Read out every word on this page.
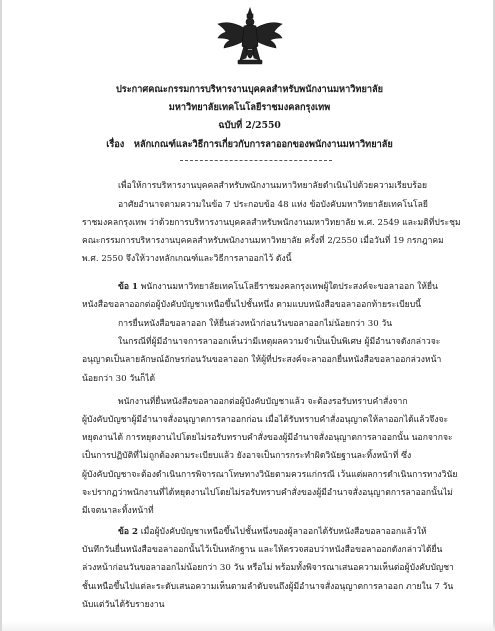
ประกาศคณะกรรมการบริหารงานบุคคลสำหรับพนักงานมหาวิทยาลัย
มหาวิทยาลัยเทคโนโลยีราชมงคลกรุงเทพ
ฉบับที่ 2/2550
เรื่อง หลักเกณฑ์และวิธีการเกี่ยวกับการลาออกของพนักงานมหาวิทยาลัย
เพื่อให้การบริหารงานบุคคลสำหรับพนักงานมหาวิทยาลัยดำเนินไปด้วยความเรียบร้อย
อาศัยอำนาจตามความในข้อ 7 ประกอบข้อ 48 แห่ง ข้อบังคับมหาวิทยาลัยเทคโนโลยี
ราชมงคลกรุงเทพ ว่าด้วยการบริหารงานบุคคลสำหรับพนักงานมหาวิทยาลัย พ.ศ. 2549 และมติที่ประชุม
คณะกรรมการบริหารงานบุคคลสำหรับพนักงานมหาวิทยาลัย ครั้งที่ 2/2550 เมื่อวันที่ 19 กรกฎาคม
พ.ศ. 2550 จึงให้วางหลักเกณฑ์และวิธีการลาออกไว้ ดังนี้
ข้อ 1 พนักงานมหาวิทยาลัยเทคโนโลยีราชมงคลกรุงเทพผู้ใดประสงค์จะขอลาออก ให้ยื่น
หนังสือขอลาออกต่อผู้บังคับบัญชาเหนือขึ้นไปชั้นหนึ่ง ตามแบบหนังสือขอลาออกท้ายระเบียบนี้
การยื่นหนังสือขอลาออก ให้ยื่นล่วงหน้าก่อนวันขอลาออกไม่น้อยกว่า 30 วัน
ในกรณีที่ผู้มีอำนาจการลาออกเห็นว่ามีเหตุผลความจำเป็นเป็นพิเศษ ผู้มีอำนาจดังกล่าวจะ
อนุญาตเป็นลายลักษณ์อักษรก่อนวันขอลาออก ให้ผู้ที่ประสงค์จะลาออกยื่นหนังสือขอลาออกล่วงหน้า
น้อยกว่า 30 วันก็ได้
พนักงานที่ยื่นหนังสือขอลาออกต่อผู้บังคับบัญชาแล้ว จะต้องรอรับทราบคำสั่งจาก
ผู้บังคับบัญชาผู้มีอำนาจสั่งอนุญาตการลาออกก่อน เมื่อได้รับทราบคำสั่งอนุญาตให้ลาออกได้แล้วจึงจะ
หยุดงานได้ การหยุดงานไปโดยไม่รอรับทราบคำสั่งของผู้มีอำนาจสั่งอนุญาตการลาออกนั้น นอกจากจะ
เป็นการปฏิบัติที่ไม่ถูกต้องตามระเบียบแล้ว ยังอาจเป็นการกระทำผิดวินัยฐานละทิ้งหน้าที่ ซึ่ง
ผู้บังคับบัญชาจะต้องดำเนินการพิจารณาโทษทางวินัยตามควรแก่กรณี เว้นแต่ผลการดำเนินการทางวินัย
จะปรากฏว่าพนักงานที่ได้หยุดงานไปโดยไม่รอรับทราบคำสั่งของผู้มีอำนาจสั่งอนุญาตการลาออกนั้นไม่
มีเจตนาละทิ้งหน้าที่
ข้อ 2 เมื่อผู้บังคับบัญชาเหนือขึ้นไปชั้นหนึ่งของผู้ลาออกได้รับหนังสือขอลาออกแล้วให้
บันทึกวันยื่นหนังสือขอลาออกนั้นไว้เป็นหลักฐาน และให้ตรวจสอบว่าหนังสือขอลาออกดังกล่าวได้ยื่น
ล่วงหน้าก่อนวันขอลาออกไม่น้อยกว่า 30 วัน หรือไม่ พร้อมทั้งพิจารณาเสนอความเห็นต่อผู้บังคับบัญชา
ชั้นเหนือขึ้นไปแต่ละระดับเสนอความเห็นตามลำดับจนถึงผู้มีอำนาจสั่งอนุญาตการลาออก ภายใน 7 วัน
นับแต่วันได้รับรายงาน
